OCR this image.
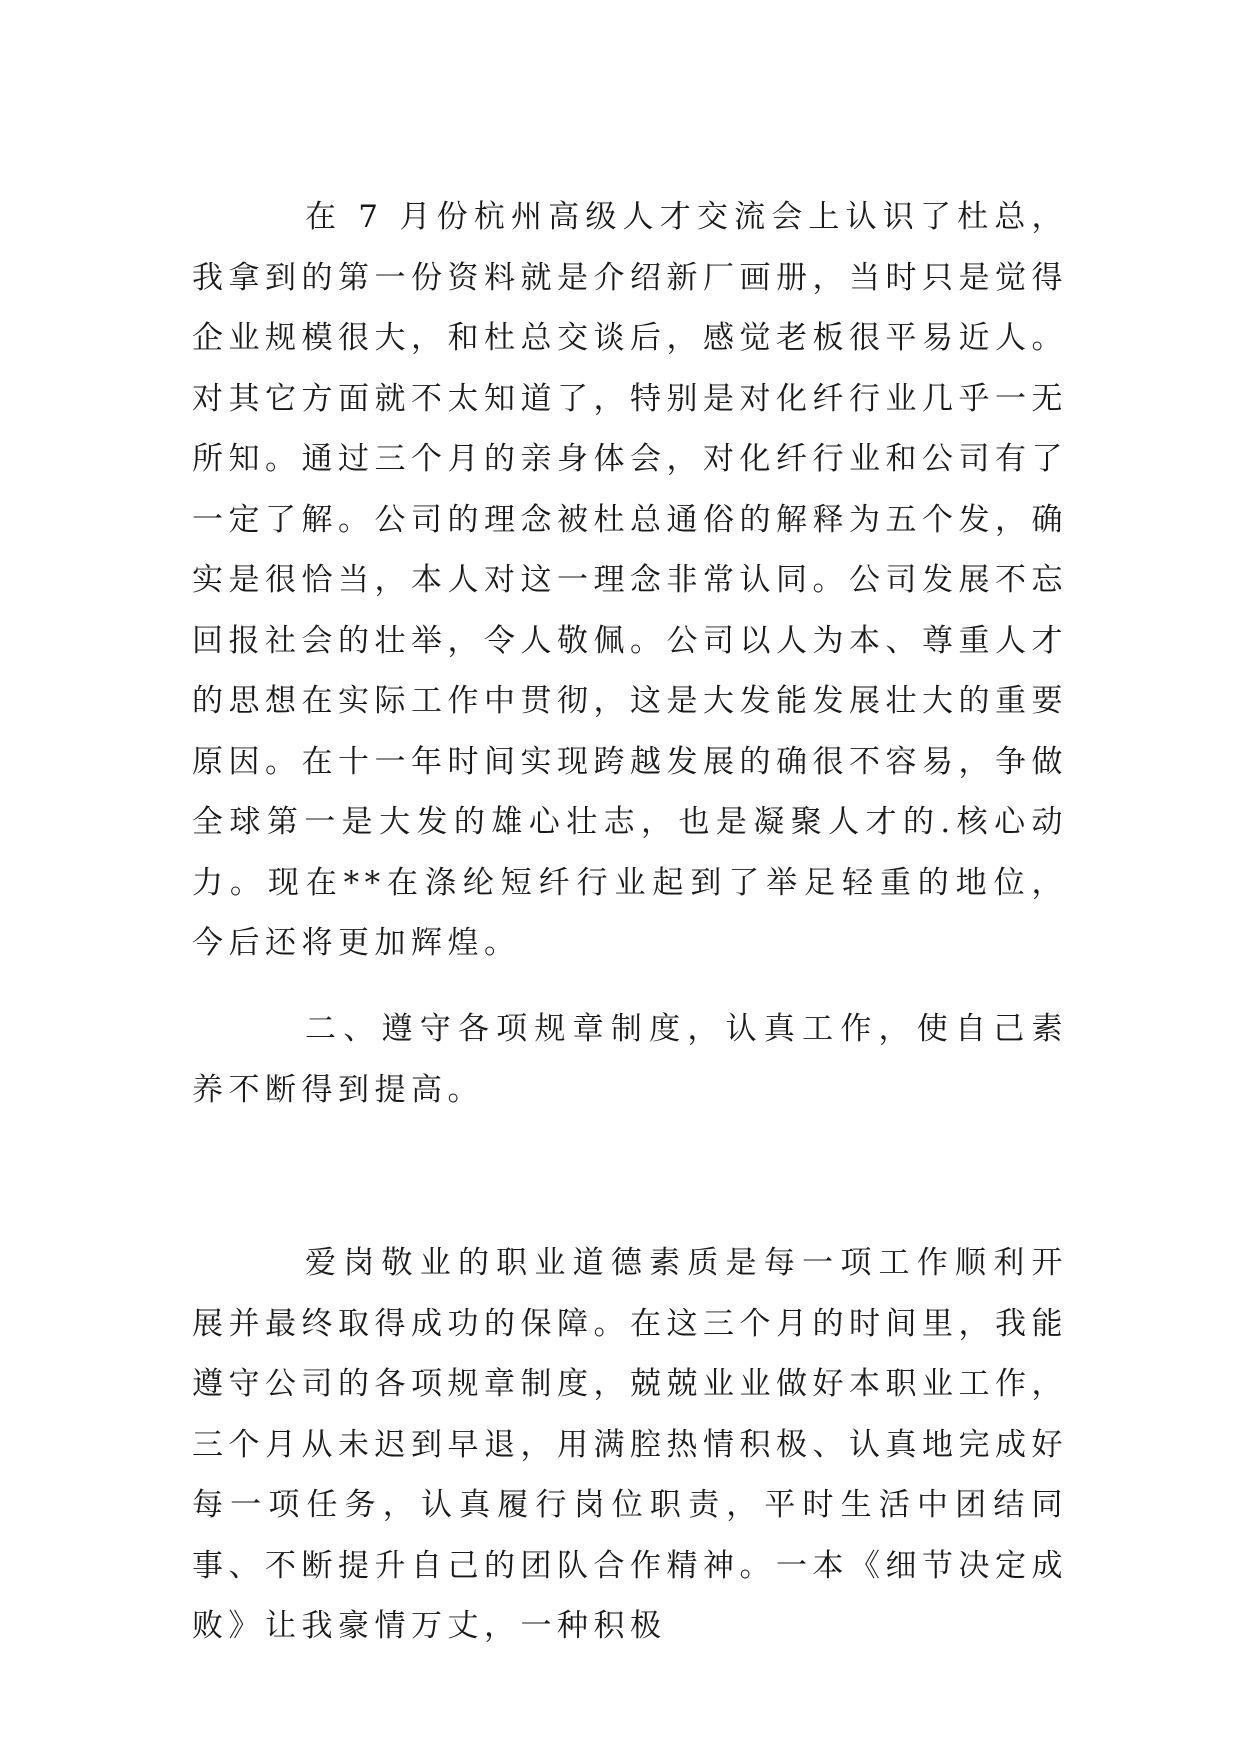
在 7 月份杭州高级人才交流会上认识了杜总，我拿到的第一份资料就是介绍新厂画册，当时只是觉得企业规模很大，和杜总交谈后，感觉老板很平易近人。对其它方面就不太知道了，特别是对化纤行业几乎一无所知。通过三个月的亲身体会，对化纤行业和公司有了一定了解。公司的理念被杜总通俗的解释为五个发，确实是很恰当，本人对这一理念非常认同。公司发展不忘回报社会的壮举，令人敬佩。公司以人为本、尊重人才的思想在实际工作中贯彻，这是大发能发展壮大的重要原因。在十一年时间实现跨越发展的确很不容易，争做全球第一是大发的雄心壮志，也是凝聚人才的.核心动力。现在**在涤纶短纤行业起到了举足轻重的地位，今后还将更加辉煌。

二、遵守各项规章制度，认真工作，使自己素养不断得到提高。

爱岗敬业的职业道德素质是每一项工作顺利开展并最终取得成功的保障。在这三个月的时间里，我能遵守公司的各项规章制度，兢兢业业做好本职业工作，三个月从未迟到早退，用满腔热情积极、认真地完成好每一项任务，认真履行岗位职责，平时生活中团结同事、不断提升自己的团队合作精神。一本《细节决定成败》让我豪情万丈，一种积极
